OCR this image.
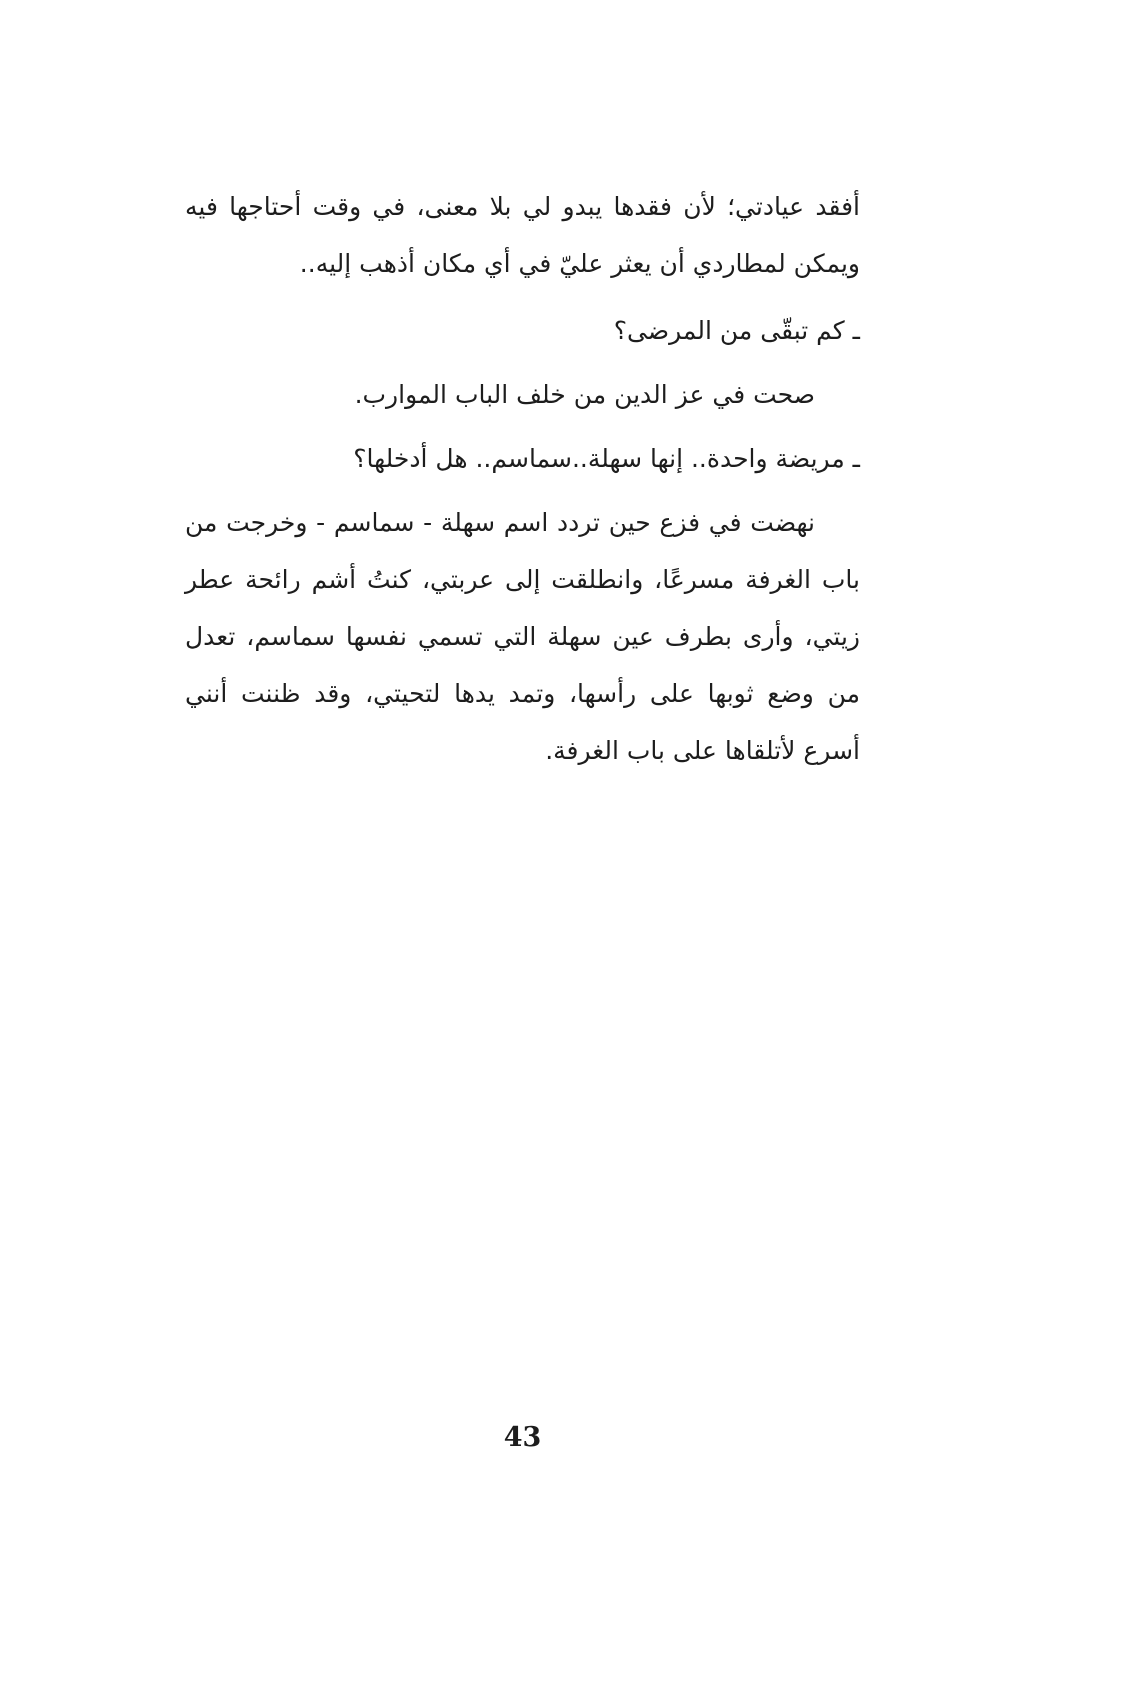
أفقد عيادتي؛ لأن فقدها يبدو لي بلا معنى، في وقت أحتاجها فيه ويمكن لمطاردي أن يعثر عليّ في أي مكان أذهب إليه..

ـ كم تبقّى من المرضى؟

صحت في عز الدين من خلف الباب الموارب.

ـ مريضة واحدة.. إنها سهلة..سماسم.. هل أدخلها؟

نهضت في فزع حين تردد اسم سهلة - سماسم - وخرجت من باب الغرفة مسرعًا، وانطلقت إلى عربتي، كنتُ أشم رائحة عطر زيتي، وأرى بطرف عين سهلة التي تسمي نفسها سماسم، تعدل من وضع ثوبها على رأسها، وتمد يدها لتحيتي، وقد ظننت أنني أسرع لأتلقاها على باب الغرفة.

43
